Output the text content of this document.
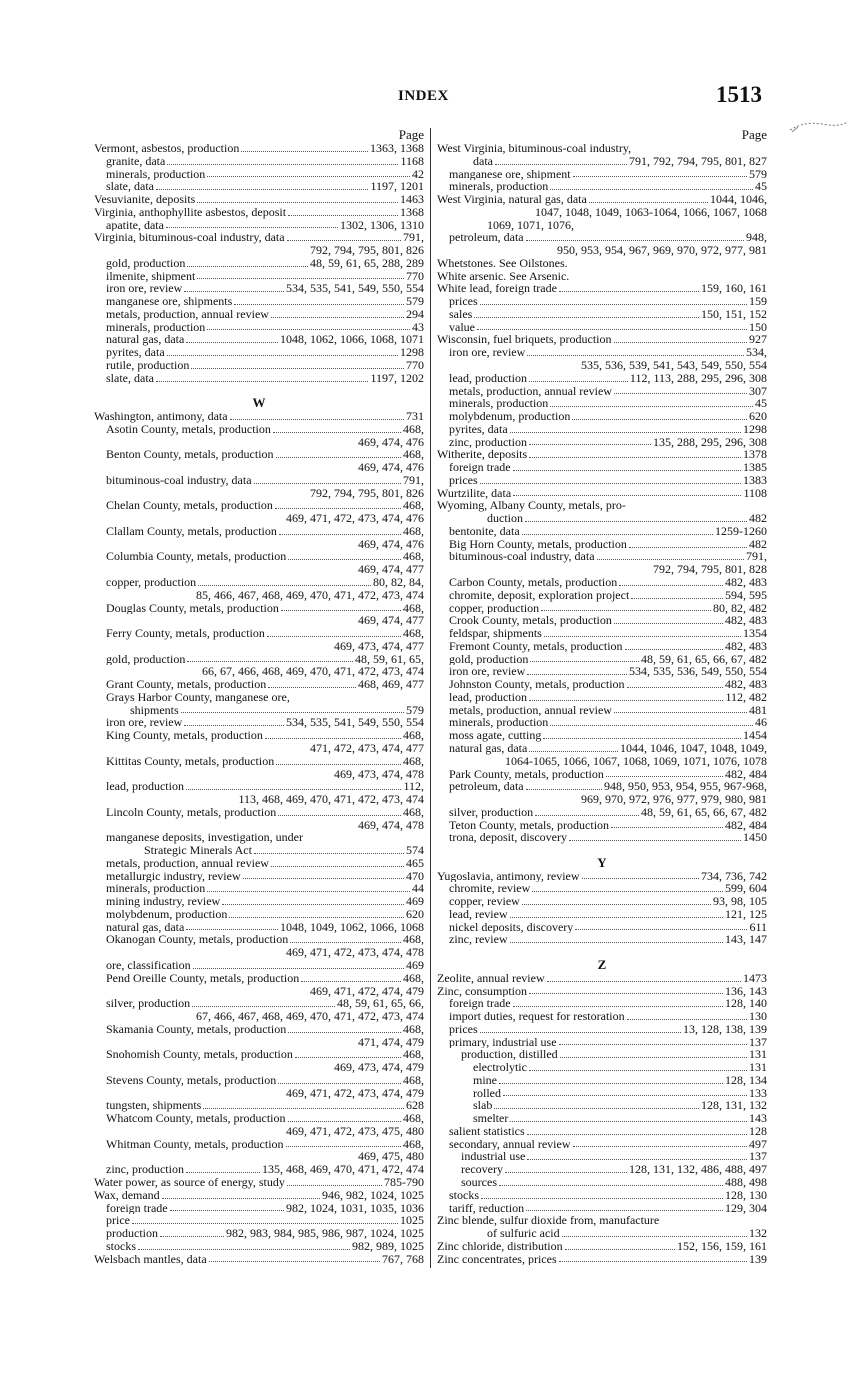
INDEX	1513
Page
Vermont, asbestos, production	1363, 1368
granite, data	1168
minerals, production	42
slate, data	1197, 1201
Vesuvianite, deposits	1463
Virginia, anthophyllite asbestos, deposit	1368
apatite, data	1302, 1306, 1310
Virginia, bituminous-coal industry, data	791,
792, 794, 795, 801, 826
gold, production	48, 59, 61, 65, 288, 289
ilmenite, shipment	770
iron ore, review	534, 535, 541, 549, 550, 554
manganese ore, shipments	579
metals, production, annual review	294
minerals, production	43
natural gas, data	1048, 1062, 1066, 1068, 1071
pyrites, data	1298
rutile, production	770
slate, data	1197, 1202
W
Washington, antimony, data	731
Asotin County, metals, production	468,
469, 474, 476
Benton County, metals, production	468,
469, 474, 476
bituminous-coal industry, data	791,
792, 794, 795, 801, 826
Chelan County, metals, production	468,
469, 471, 472, 473, 474, 476
Clallam County, metals, production	468,
469, 474, 476
Columbia County, metals, production	468,
469, 474, 477
copper, production	80, 82, 84,
85, 466, 467, 468, 469, 470, 471, 472, 473, 474
Douglas County, metals, production	468,
469, 474, 477
Ferry County, metals, production	468,
469, 473, 474, 477
gold, production	48, 59, 61, 65,
66, 67, 466, 468, 469, 470, 471, 472, 473, 474
Grant County, metals, production	468, 469, 477
Grays Harbor County, manganese ore,
shipments	579
iron ore, review	534, 535, 541, 549, 550, 554
King County, metals, production	468,
471, 472, 473, 474, 477
Kittitas County, metals, production	468,
469, 473, 474, 478
lead, production	112,
113, 468, 469, 470, 471, 472, 473, 474
Lincoln County, metals, production	468,
469, 474, 478
manganese deposits, investigation, under
Strategic Minerals Act	574
metals, production, annual review	465
metallurgic industry, review	470
minerals, production	44
mining industry, review	469
molybdenum, production	620
natural gas, data	1048, 1049, 1062, 1066, 1068
Okanogan County, metals, production	468,
469, 471, 472, 473, 474, 478
ore, classification	469
Pend Oreille County, metals, production	468,
469, 471, 472, 474, 479
silver, production	48, 59, 61, 65, 66,
67, 466, 467, 468, 469, 470, 471, 472, 473, 474
Skamania County, metals, production	468,
471, 474, 479
Snohomish County, metals, production	468,
469, 473, 474, 479
Stevens County, metals, production	468,
469, 471, 472, 473, 474, 479
tungsten, shipments	628
Whatcom County, metals, production	468,
469, 471, 472, 473, 475, 480
Whitman County, metals, production	468,
469, 475, 480
zinc, production	135, 468, 469, 470, 471, 472, 474
Water power, as source of energy, study	785-790
Wax, demand	946, 982, 1024, 1025
foreign trade	982, 1024, 1031, 1035, 1036
price	1025
production	982, 983, 984, 985, 986, 987, 1024, 1025
stocks	982, 989, 1025
Welsbach mantles, data	767, 768
Page
West Virginia, bituminous-coal industry,
data	791, 792, 794, 795, 801, 827
manganese ore, shipment	579
minerals, production	45
West Virginia, natural gas, data	1044, 1046,
1047, 1048, 1049, 1063-1064, 1066, 1067, 1068
1069, 1071, 1076,
petroleum, data	948,
950, 953, 954, 967, 969, 970, 972, 977, 981
Whetstones. See Oilstones.
White arsenic. See Arsenic.
White lead, foreign trade	159, 160, 161
prices	159
sales	150, 151, 152
value	150
Wisconsin, fuel briquets, production	927
iron ore, review	534,
535, 536, 539, 541, 543, 549, 550, 554
lead, production	112, 113, 288, 295, 296, 308
metals, production, annual review	307
minerals, production	45
molybdenum, production	620
pyrites, data	1298
zinc, production	135, 288, 295, 296, 308
Witherite, deposits	1378
foreign trade	1385
prices	1383
Wurtzilite, data	1108
Wyoming, Albany County, metals, pro-
duction	482
bentonite, data	1259-1260
Big Horn County, metals, production	482
bituminous-coal industry, data	791,
792, 794, 795, 801, 828
Carbon County, metals, production	482, 483
chromite, deposit, exploration project	594, 595
copper, production	80, 82, 482
Crook County, metals, production	482, 483
feldspar, shipments	1354
Fremont County, metals, production	482, 483
gold, production	48, 59, 61, 65, 66, 67, 482
iron ore, review	534, 535, 536, 549, 550, 554
Johnston County, metals, production	482, 483
lead, production	112, 482
metals, production, annual review	481
minerals, production	46
moss agate, cutting	1454
natural gas, data	1044, 1046, 1047, 1048, 1049,
1064-1065, 1066, 1067, 1068, 1069, 1071, 1076, 1078
Park County, metals, production	482, 484
petroleum, data	948, 950, 953, 954, 955, 967-968,
969, 970, 972, 976, 977, 979, 980, 981
silver, production	48, 59, 61, 65, 66, 67, 482
Teton County, metals, production	482, 484
trona, deposit, discovery	1450
Y
Yugoslavia, antimony, review	734, 736, 742
chromite, review	599, 604
copper, review	93, 98, 105
lead, review	121, 125
nickel deposits, discovery	611
zinc, review	143, 147
Z
Zeolite, annual review	1473
Zinc, consumption	136, 143
foreign trade	128, 140
import duties, request for restoration	130
prices	13, 128, 138, 139
primary, industrial use	137
production, distilled	131
electrolytic	131
mine	128, 134
rolled	133
slab	128, 131, 132
smelter	143
salient statistics	128
secondary, annual review	497
industrial use	137
recovery	128, 131, 132, 486, 488, 497
sources	488, 498
stocks	128, 130
tariff, reduction	129, 304
Zinc blende, sulfur dioxide from, manufacture
of sulfuric acid	132
Zinc chloride, distribution	152, 156, 159, 161
Zinc concentrates, prices	139
